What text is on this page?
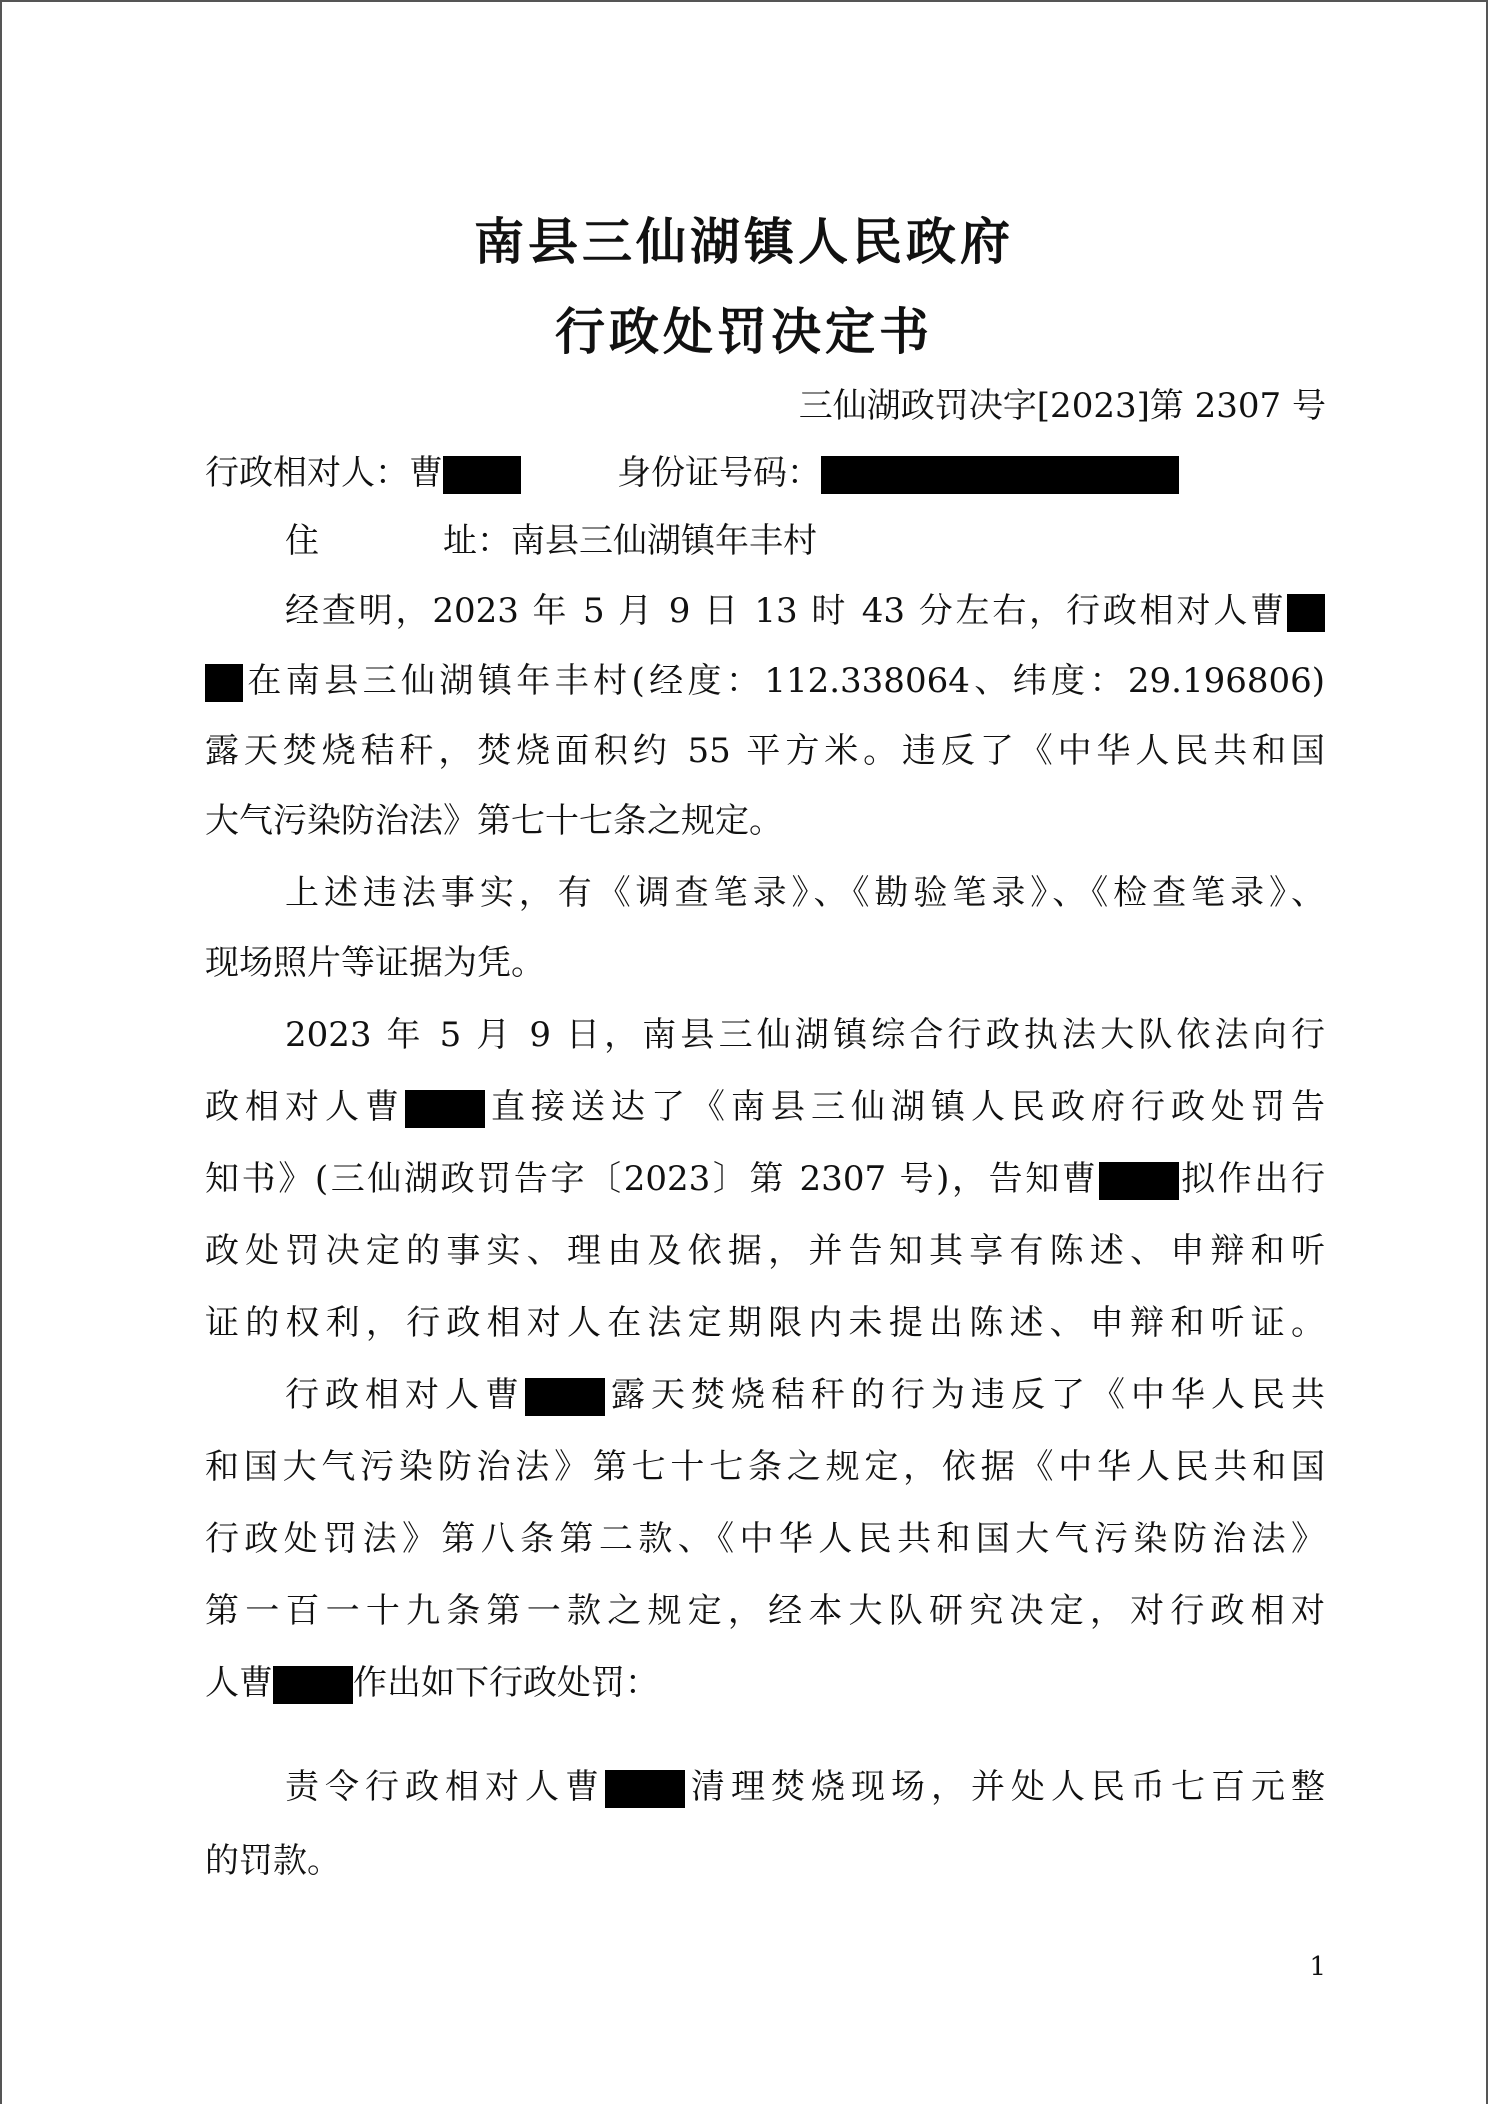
南县三仙湖镇人民政府
行政处罚决定书
三仙湖政罚决字[2023]第 2307 号
行政相对人：曹	身份证号码：
住	址：南县三仙湖镇年丰村
经查明，2023 年 5 月 9 日 13 时 43 分左右，行政相对人曹
在南县三仙湖镇年丰村(经度：112.338064、纬度：29.196806)
露天焚烧秸秆，焚烧面积约 55 平方米。违反了《中华人民共和国
大气污染防治法》第七十七条之规定。
上述违法事实，有《调查笔录》、《勘验笔录》、《检查笔录》、
现场照片等证据为凭。
2023 年 5 月 9 日，南县三仙湖镇综合行政执法大队依法向行
政相对人曹 直接送达了《南县三仙湖镇人民政府行政处罚告
知书》(三仙湖政罚告字〔2023〕第 2307 号)，告知曹 拟作出行
政处罚决定的事实、理由及依据，并告知其享有陈述、申辩和听
证的权利，行政相对人在法定期限内未提出陈述、申辩和听证。
行政相对人曹 露天焚烧秸秆的行为违反了《中华人民共
和国大气污染防治法》第七十七条之规定，依据《中华人民共和国
行政处罚法》第八条第二款、《中华人民共和国大气污染防治法》
第一百一十九条第一款之规定，经本大队研究决定，对行政相对
人曹 作出如下行政处罚：
责令行政相对人曹 清理焚烧现场，并处人民币七百元整
的罚款。
1
